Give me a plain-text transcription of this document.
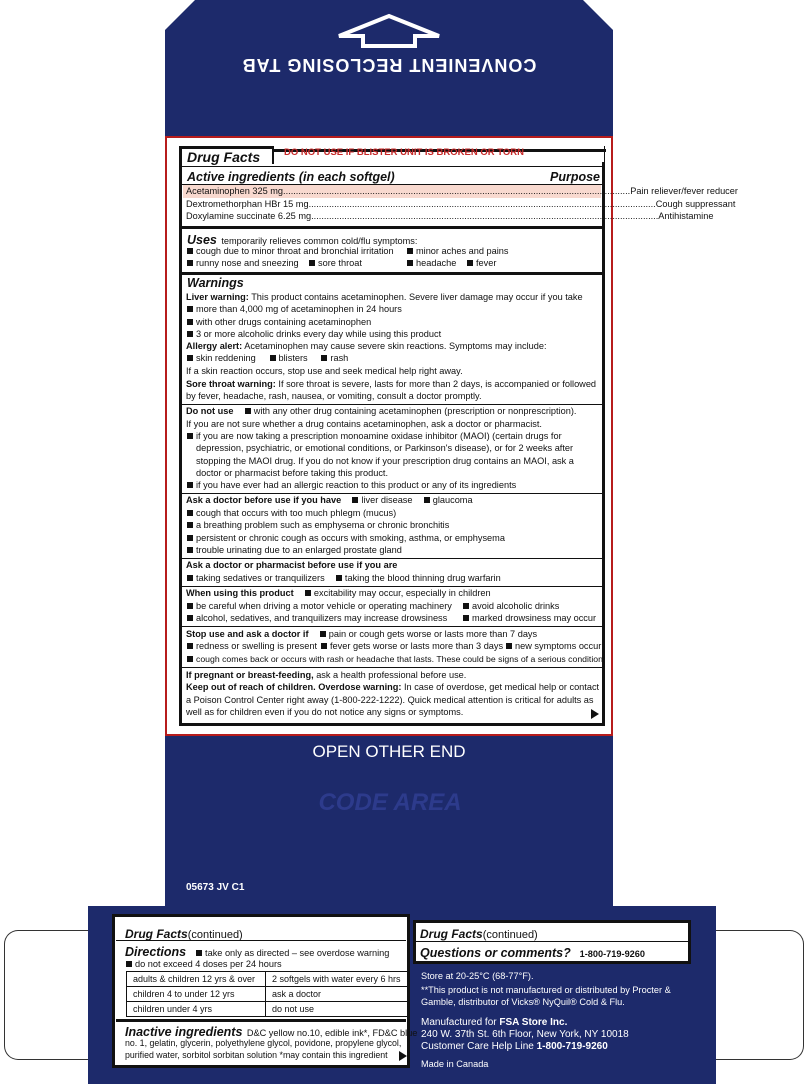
CONVENIENT RECLOSING TAB
Drug Facts	DO NOT USE IF BLISTER UNIT IS BROKEN OR TORN
Active ingredients (in each softgel)	Purpose
Acetaminophen 325 mg ........................................................................................................................................ Pain reliever/fever reducer
Dextromethorphan HBr 15 mg ........................................................................................................................................ Cough suppressant
Doxylamine succinate 6.25 mg ........................................................................................................................................ Antihistamine
Uses temporarily relieves common cold/flu symptoms:
cough due to minor throat and bronchial irritation	minor aches and pains
runny nose and sneezing	sore throat	headache	fever
Warnings
Liver warning: This product contains acetaminophen. Severe liver damage may occur if you take
more than 4,000 mg of acetaminophen in 24 hours
with other drugs containing acetaminophen
3 or more alcoholic drinks every day while using this product
Allergy alert: Acetaminophen may cause severe skin reactions. Symptoms may include:
skin reddening blisters rash
If a skin reaction occurs, stop use and seek medical help right away.
Sore throat warning: If sore throat is severe, lasts for more than 2 days, is accompanied or followed
by fever, headache, rash, nausea, or vomiting, consult a doctor promptly.
Do not use with any other drug containing acetaminophen (prescription or nonprescription).
If you are not sure whether a drug contains acetaminophen, ask a doctor or pharmacist.
if you are now taking a prescription monoamine oxidase inhibitor (MAOI) (certain drugs for
depression, psychiatric, or emotional conditions, or Parkinson's disease), or for 2 weeks after
stopping the MAOI drug. If you do not know if your prescription drug contains an MAOI, ask a
doctor or pharmacist before taking this product.
if you have ever had an allergic reaction to this product or any of its ingredients
Ask a doctor before use if you have liver disease glaucoma
cough that occurs with too much phlegm (mucus)
a breathing problem such as emphysema or chronic bronchitis
persistent or chronic cough as occurs with smoking, asthma, or emphysema
trouble urinating due to an enlarged prostate gland
Ask a doctor or pharmacist before use if you are
taking sedatives or tranquilizers taking the blood thinning drug warfarin
When using this product excitability may occur, especially in children
be careful when driving a motor vehicle or operating machinery	avoid alcoholic drinks
alcohol, sedatives, and tranquilizers may increase drowsiness	marked drowsiness may occur
Stop use and ask a doctor if pain or cough gets worse or lasts more than 7 days
redness or swelling is present	fever gets worse or lasts more than 3 days	new symptoms occur
cough comes back or occurs with rash or headache that lasts. These could be signs of a serious condition.
If pregnant or breast-feeding, ask a health professional before use.
Keep out of reach of children. Overdose warning: In case of overdose, get medical help or contact
a Poison Control Center right away (1-800-222-1222). Quick medical attention is critical for adults as
well as for children even if you do not notice any signs or symptoms.
OPEN OTHER END
CODE AREA
05673 JV C1
Drug Facts(continued)
Directions take only as directed – see overdose warning
do not exceed 4 doses per 24 hours
adults & children 12 yrs & over	2 softgels with water every 6 hrs
children 4 to under 12 yrs	ask a doctor
children under 4 yrs	do not use
Inactive ingredients D&C yellow no.10, edible ink*, FD&C blue
no. 1, gelatin, glycerin, polyethylene glycol, povidone, propylene glycol,
purified water, sorbitol sorbitan solution *may contain this ingredient
Drug Facts(continued)
Questions or comments? 1-800-719-9260
Store at 20-25°C (68-77°F).
**This product is not manufactured or distributed by Procter &
Gamble, distributor of Vicks® NyQuil® Cold & Flu.
Manufactured for FSA Store Inc.
240 W. 37th St. 6th Floor, New York, NY 10018
Customer Care Help Line 1-800-719-9260
Made in Canada
